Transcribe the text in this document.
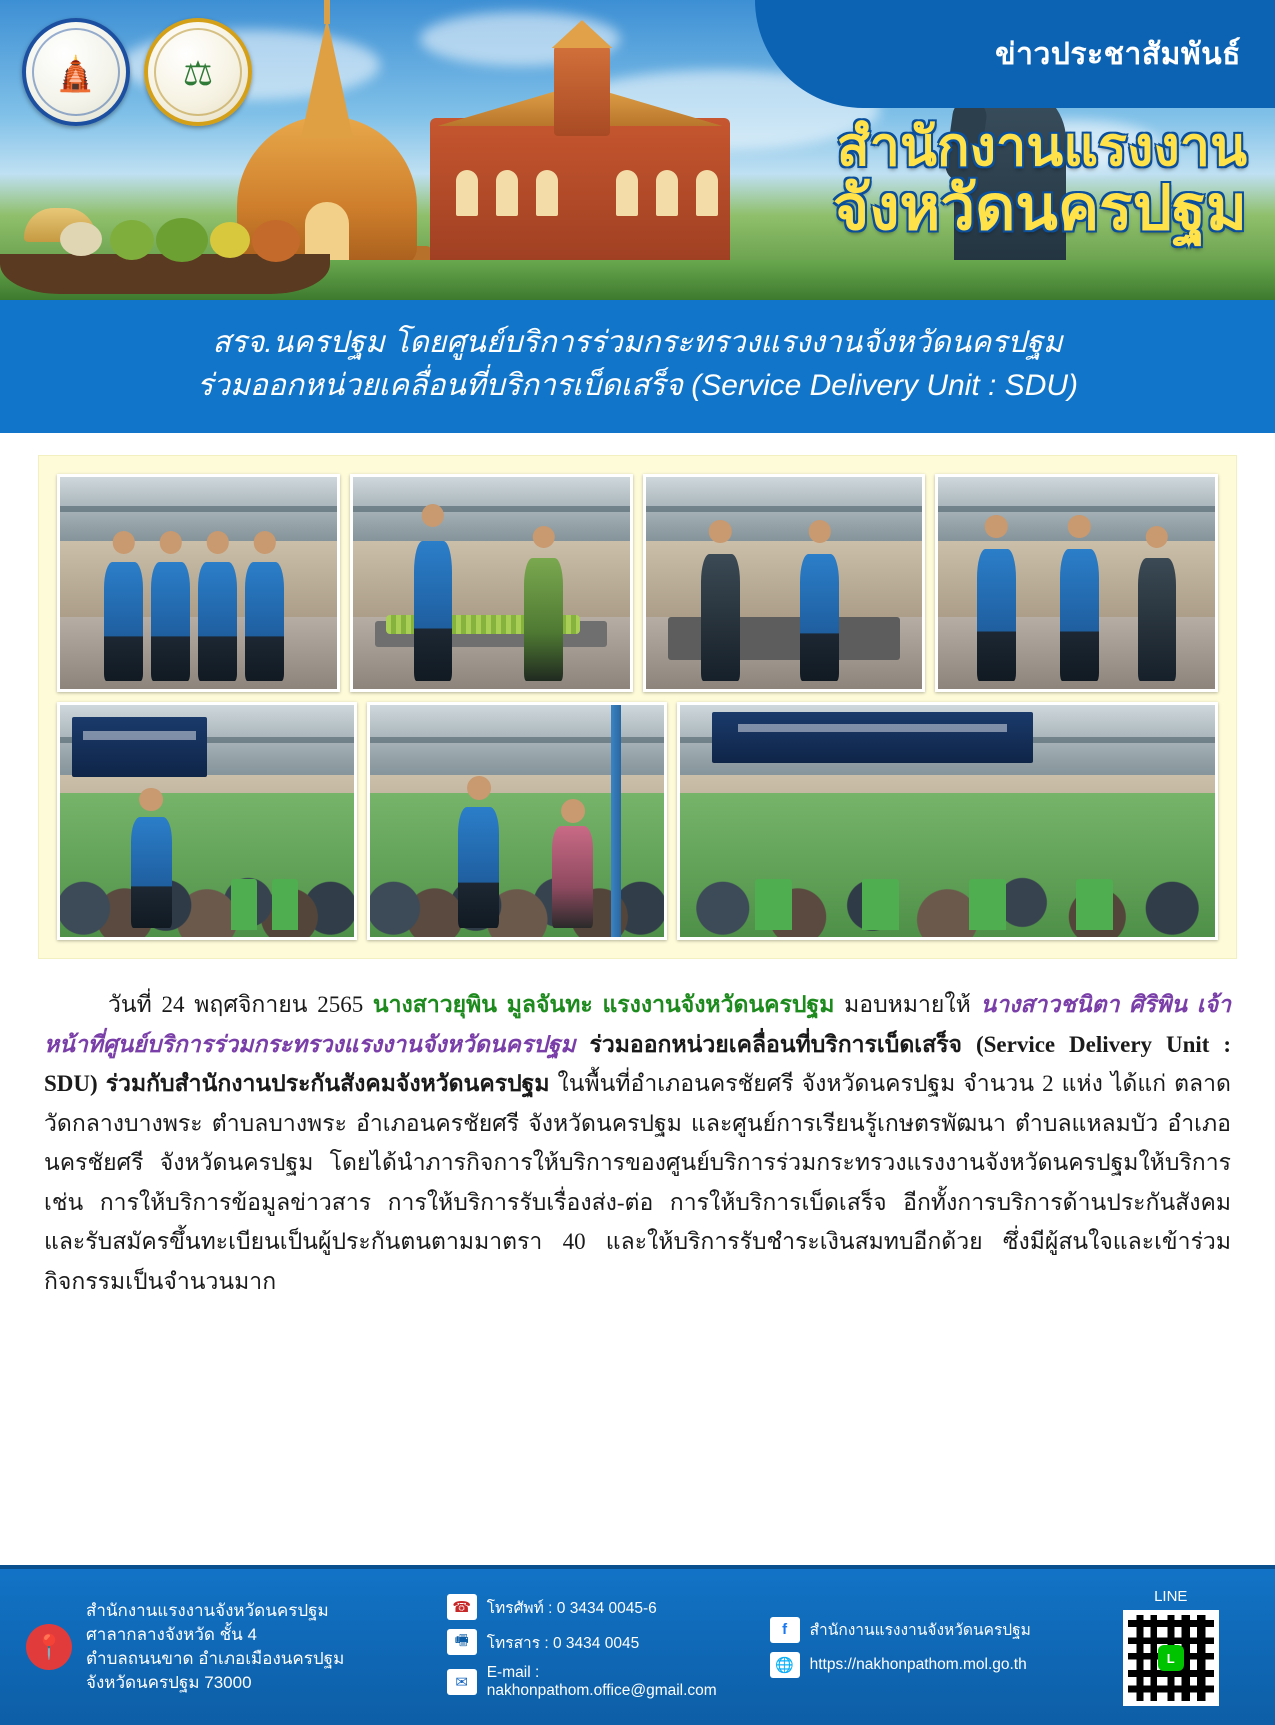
🛕	⚖
ข่าวประชาสัมพันธ์
สำนักงานแรงงาน
จังหวัดนครปฐม
สรจ.นครปฐม โดยศูนย์บริการร่วมกระทรวงแรงงานจังหวัดนครปฐม
ร่วมออกหน่วยเคลื่อนที่บริการเบ็ดเสร็จ (Service Delivery Unit : SDU)
วันที่ 24 พฤศจิกายน 2565 นางสาวยุพิน มูลจันทะ แรงงานจังหวัดนครปฐม มอบหมายให้ นางสาวชนิตา ศิริพิน เจ้าหน้าที่ศูนย์บริการร่วมกระทรวงแรงงานจังหวัดนครปฐม ร่วมออกหน่วยเคลื่อนที่บริการเบ็ดเสร็จ (Service Delivery Unit : SDU) ร่วมกับสำนักงานประกันสังคมจังหวัดนครปฐม ในพื้นที่อำเภอนครชัยศรี จังหวัดนครปฐม จำนวน 2 แห่ง ได้แก่ ตลาดวัดกลางบางพระ ตำบลบางพระ อำเภอนครชัยศรี จังหวัดนครปฐม และศูนย์การเรียนรู้เกษตรพัฒนา ตำบลแหลมบัว อำเภอนครชัยศรี จังหวัดนครปฐม โดยได้นำภารกิจการให้บริการของศูนย์บริการร่วมกระทรวงแรงงานจังหวัดนครปฐมให้บริการ เช่น การให้บริการข้อมูลข่าวสาร การให้บริการรับเรื่องส่ง-ต่อ การให้บริการเบ็ดเสร็จ อีกทั้งการบริการด้านประกันสังคม และรับสมัครขึ้นทะเบียนเป็นผู้ประกันตนตามมาตรา 40 และให้บริการรับชำระเงินสมทบอีกด้วย ซึ่งมีผู้สนใจและเข้าร่วมกิจกรรมเป็นจำนวนมาก
📍
สำนักงานแรงงานจังหวัดนครปฐม
ศาลากลางจังหวัด ชั้น 4
ตำบลถนนขาด อำเภอเมืองนครปฐม
จังหวัดนครปฐม 73000
☎	โทรศัพท์ : 0 3434 0045-6
🖷	โทรสาร : 0 3434 0045
✉
E-mail : nakhonpathom.office@gmail.com
f	สำนักงานแรงงานจังหวัดนครปฐม
🌐	https://nakhonpathom.mol.go.th
LINE
L
